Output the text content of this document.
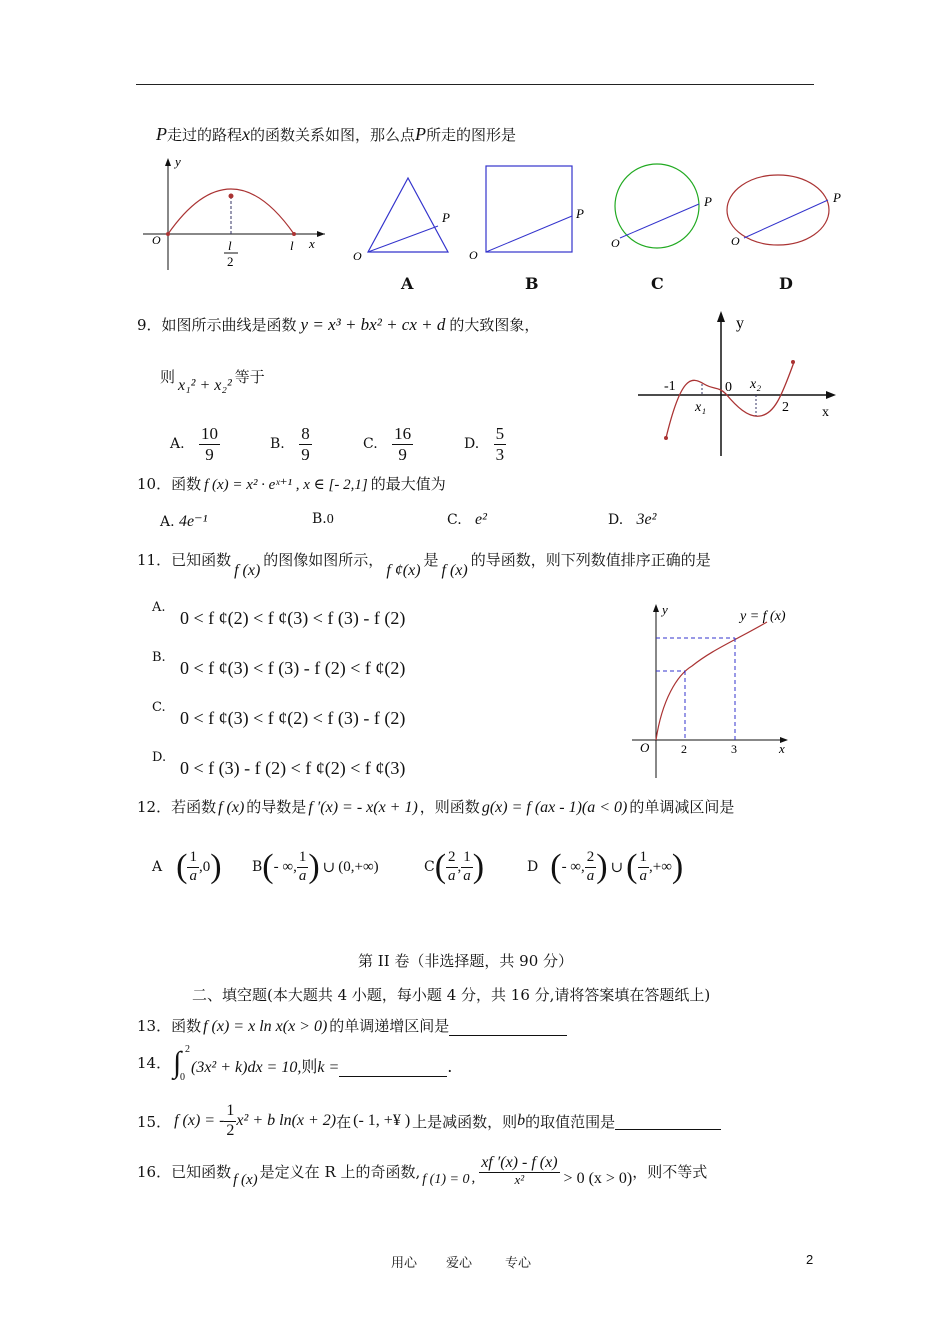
P走过的路程x的函数关系如图，那么点P所走的图形是
y
O	l
2
l x
O
P
A
O
P
B
O
P
C
O
P
D
9．如图所示曲线是函数 y = x³ + bx² + cx + d 的大致图象，
则 x₁² + x₂² 等于
A. $\frac{10}{9}$	B. $\frac{8}{9}$	C. $\frac{16}{9}$	D. $\frac{5}{3}$
y
x
-1	0
x₁
x₂
2
10．函数 f (x) = x² · eˣ⁺¹ , x ∈ [- 2,1] 的最大值为
A. 4e⁻¹	B.0	C. e²	D. 3e²
11．已知函数f (x)的图像如图所示，f ¢(x)是f (x)的导函数，则下列数值排序正确的是
A.
0 < f ¢(2) < f ¢(3) < f (3) - f (2)
B.
0 < f ¢(3) < f (3) - f (2) < f ¢(2)
C.
0 < f ¢(3) < f ¢(2) < f (3) - f (2)
D.
0 < f (3) - f (2) < f ¢(2) < f ¢(3)
y	y = f (x)
O	2	3	x
12．若函数 f (x) 的导数是 f ′(x) = - x(x + 1) ，则函数 g(x) = f (ax - 1)(a < 0) 的单调减区间是
A ( $\frac{1}{a} ,0$ ) B ( - ∞, $\frac{1}{a}$ ) ∪ (0,+∞)	C ( $\frac{2}{a}$ , $\frac{1}{a}$ )	D ( - ∞, $\frac{2}{a}$ ) ∪ ( $\frac{1}{a}$ ,+∞ )
第 II 卷（非选择题，共 90 分）
二、填空题(本大题共 4 小题，每小题 4 分，共 16 分,请将答案填在答题纸上)
13．函数 f (x) = x ln x(x > 0) 的单调递增区间是
14． ∫ 2
0
(3x² + k)dx = 10,则k =	.
15． f (x) = - $\frac{1}{2} x^2 + b$ ln(x + 2) 在 (- 1, +¥ ) 上是减函数，则 b 的取值范围是
16．已知函数 f (x) 是定义在 R 上的奇函数, f (1) = 0 , $\frac{xf '(x) - f (x)}{\text{x²}} > 0$ (x > 0) ，则不等式
用心 爱心	专心	2
